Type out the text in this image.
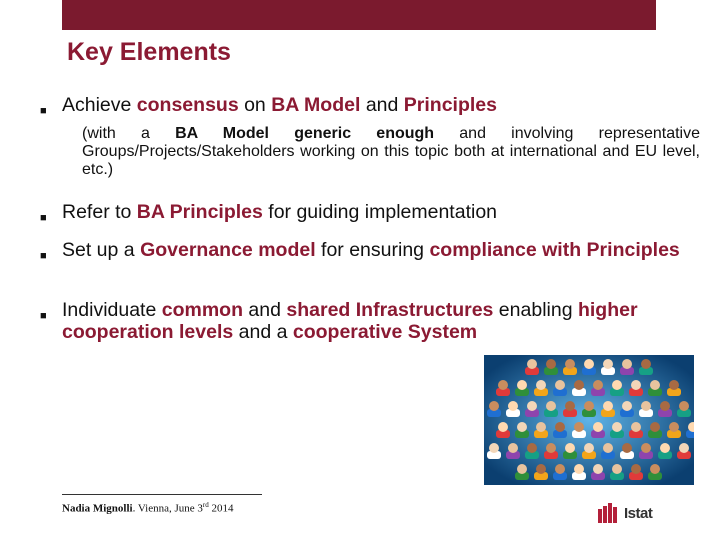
Key Elements
■ Achieve consensus on BA Model and Principles
(with a BA Model generic enough and involving representative Groups/Projects/Stakeholders working on this topic both at international and EU level, etc.)
■ Refer to BA Principles for guiding implementation
■ Set up a Governance model for ensuring compliance with Principles
■ Individuate common and shared Infrastructures enabling higher cooperation levels and a cooperative System
Nadia Mignolli. Vienna, June 3rd 2014	Istat
